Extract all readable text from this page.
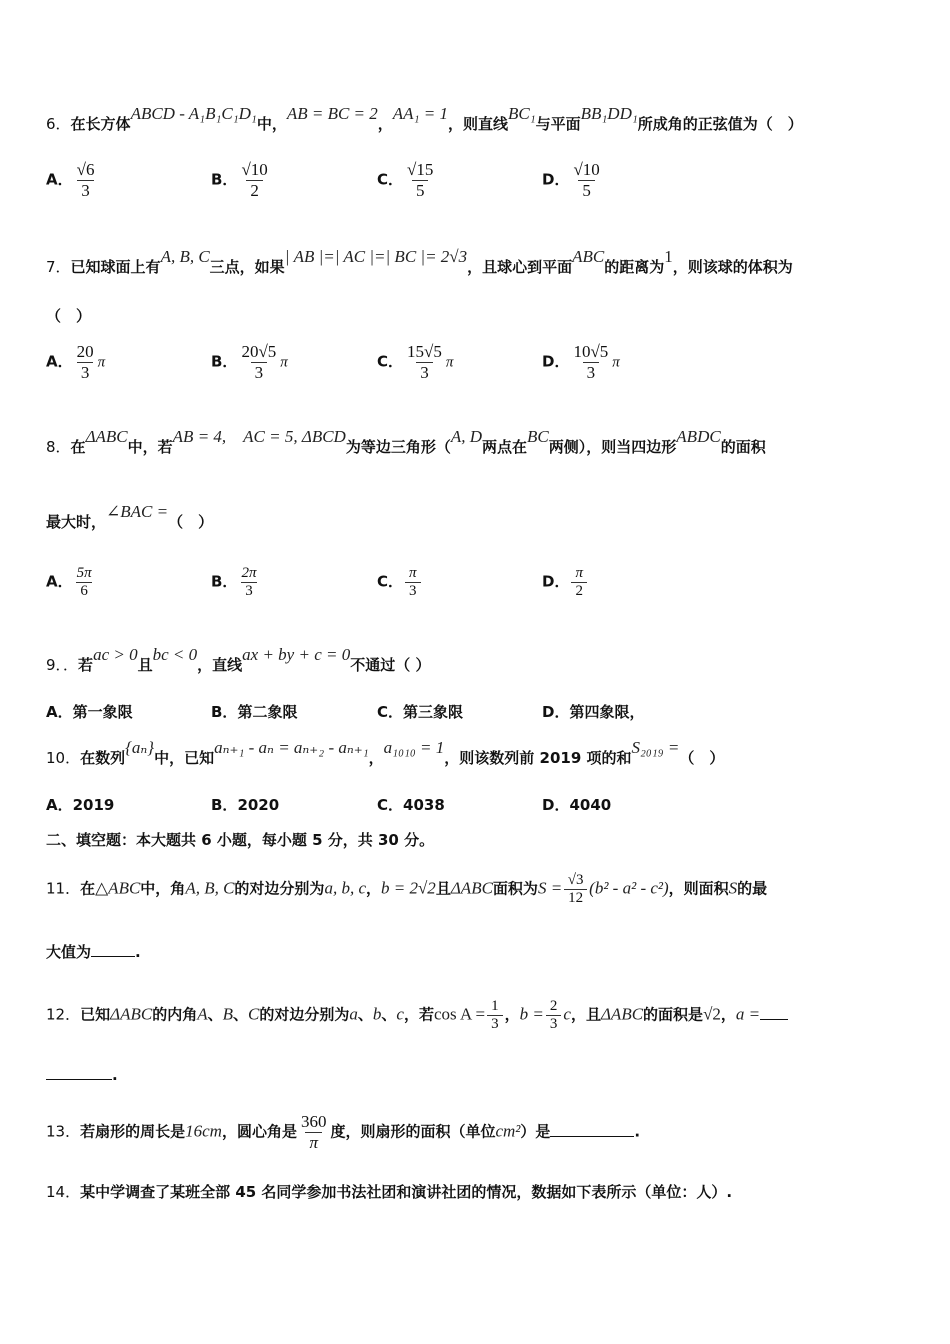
6．在长方体ABCD - A₁B₁C₁D₁中，AB = BC = 2，AA₁ = 1，则直线BC₁与平面BB₁DD₁所成角的正弦值为（　）
A． $\frac{√6}{3}$	B． $\frac{√10}{2}$	C． $\frac{√15}{5}$	D． $\frac{√10}{5}$
7．已知球面上有A, B, C三点，如果| AB |=| AC |=| BC |= 2√3，且球心到平面ABC的距离为1，则该球的体积为
（　）
A． $\frac{20}{3}$ π	B． $\frac{20√5}{3}$ π	C． $\frac{15√5}{3}$ π	D． $\frac{10√5}{3}$ π
8．在ΔABC中，若AB = 4,　AC = 5, ΔBCD为等边三角形（A, D两点在BC两侧），则当四边形ABDC的面积
最大时，∠BAC =（　）
A． $\frac{5\pi}{6}$	B． $\frac{2\pi}{3}$	C． $\frac{\pi}{3}$	D． $\frac{\pi}{2}$
9．．若ac > 0且bc < 0，直线ax + by + c = 0不通过（ ）
A．第一象限	B．第二象限	C．第三象限	D．第四象限，
10．在数列{aₙ}中，已知aₙ₊₁ - aₙ = aₙ₊₂ - aₙ₊₁，a₁₀₁₀ = 1，则该数列前 2019 项的和S₂₀₁₉ =（　）
A．2019	B．2020	C．4038	D．4040
二、填空题：本大题共 6 小题，每小题 5 分，共 30 分。
11．在△ABC中，角A, B, C的对边分别为a, b, c，b = 2√2且ΔABC面积为$S = \frac{√3}{12} (b^2 - a^2 - c^2)$，则面积S的最
大值为	.
12．已知ΔABC的内角A、B、C的对边分别为a、b、c，若$\cos A = \frac{1}{3}$ ，$b = \frac{2}{3}$ c，且ΔABC的面积是√2，a =
.
13．若扇形的周长是16cm，圆心角是 $\frac{360}{\pi}$ 度，则扇形的面积（单位cm²）是	.
14．某中学调查了某班全部 45 名同学参加书法社团和演讲社团的情况，数据如下表所示（单位：人）.
